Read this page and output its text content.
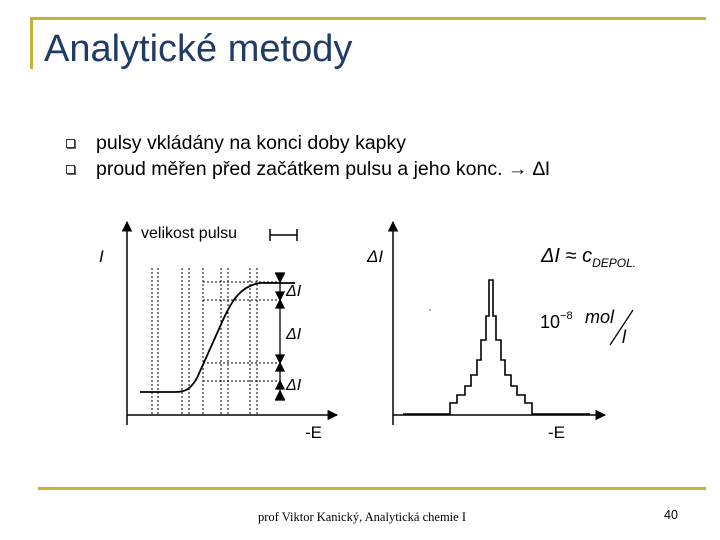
Analytické metody
pulsy vkládány na konci doby kapky
proud měřen před začátkem pulsu a jeho konc. → ∆I
I
-E
velikost pulsu
ΔI
ΔI
ΔI
ΔI
-E
$\Delta I \approx c_{DEPOL.}$
$10^{-8}$ mol
l
prof Viktor Kanický, Analytická chemie I	40
